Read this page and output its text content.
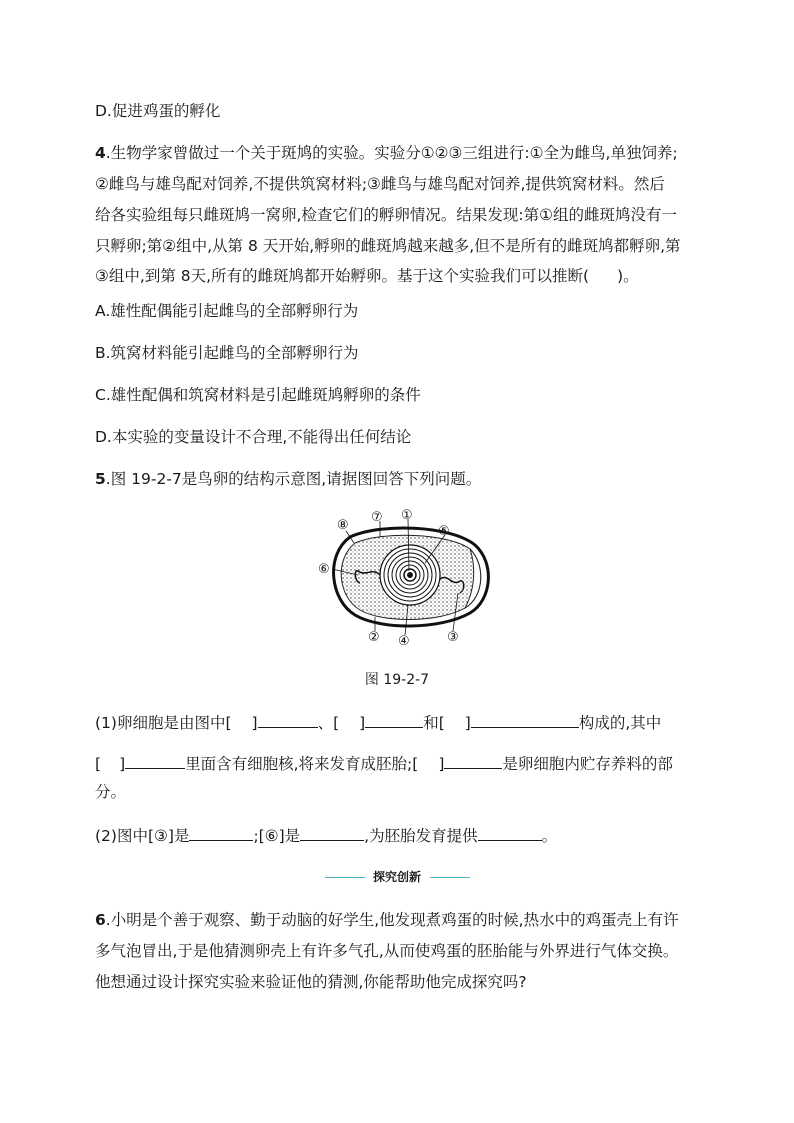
D.促进鸡蛋的孵化
4.生物学家曾做过一个关于斑鸠的实验。实验分①②③三组进行:①全为雌鸟,单独饲养;
②雌鸟与雄鸟配对饲养,不提供筑窝材料;③雌鸟与雄鸟配对饲养,提供筑窝材料。然后
给各实验组每只雌斑鸠一窝卵,检查它们的孵卵情况。结果发现:第①组的雌斑鸠没有一
只孵卵;第②组中,从第 8 天开始,孵卵的雌斑鸠越来越多,但不是所有的雌斑鸠都孵卵,第
③组中,到第 8天,所有的雌斑鸠都开始孵卵。基于这个实验我们可以推断( )。
A.雄性配偶能引起雌鸟的全部孵卵行为
B.筑窝材料能引起雌鸟的全部孵卵行为
C.雄性配偶和筑窝材料是引起雌斑鸠孵卵的条件
D.本实验的变量设计不合理,不能得出任何结论
5.图 19-2-7是鸟卵的结构示意图,请据图回答下列问题。
⑧
⑦ ①
⑤
⑥
② ④	③
图 19-2-7
(1)卵细胞是由图中[ ]	、[ ]	和[ ]	构成的,其中
[ ]	里面含有细胞核,将来发育成胚胎;[ ]	是卵细胞内贮存养料的部
分。
(2)图中[③]是	;[⑥]是	,为胚胎发育提供	。
探究创新
6.小明是个善于观察、勤于动脑的好学生,他发现煮鸡蛋的时候,热水中的鸡蛋壳上有许
多气泡冒出,于是他猜测卵壳上有许多气孔,从而使鸡蛋的胚胎能与外界进行气体交换。
他想通过设计探究实验来验证他的猜测,你能帮助他完成探究吗?
